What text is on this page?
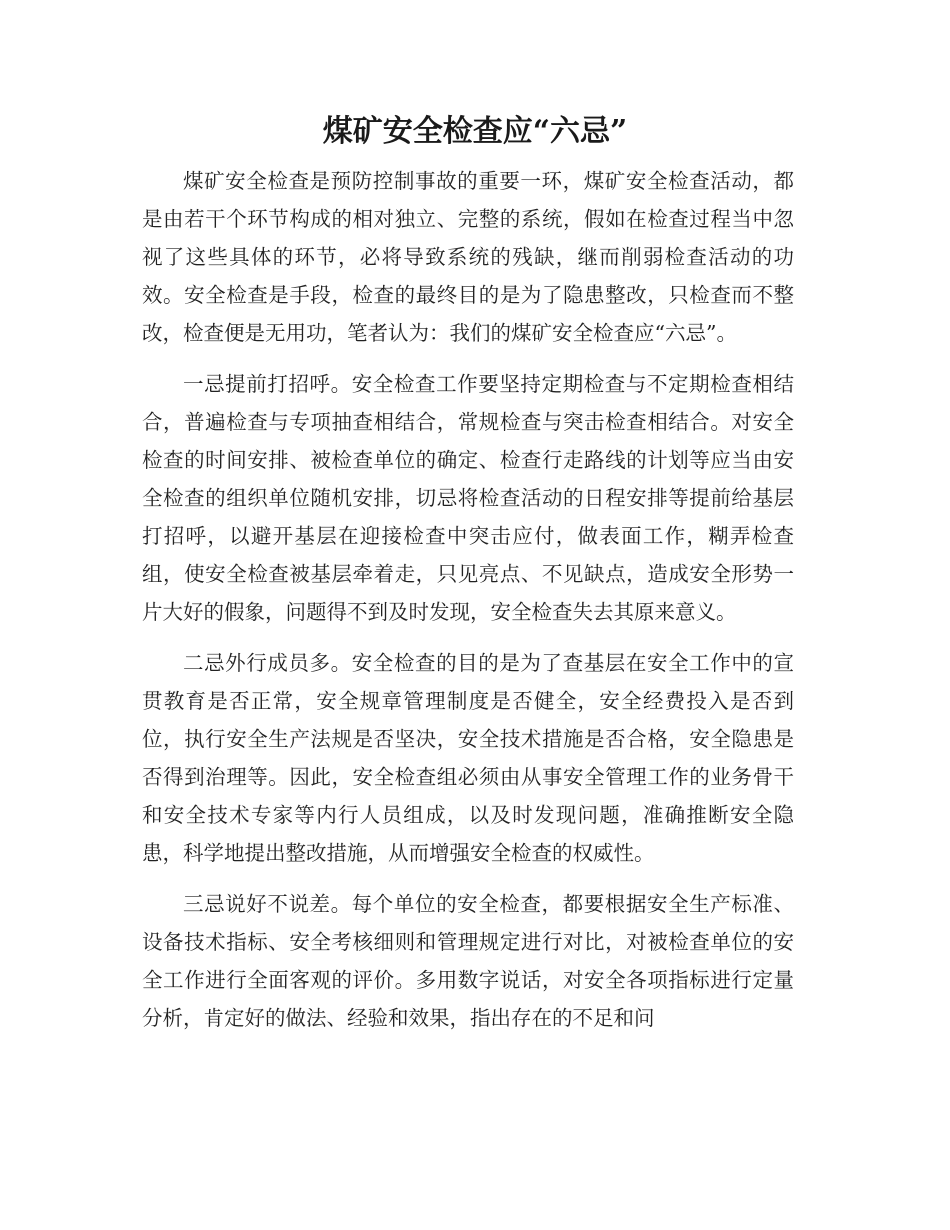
煤矿安全检查应“六忌”

煤矿安全检查是预防控制事故的重要一环，煤矿安全检查活动，都是由若干个环节构成的相对独立、完整的系统，假如在检查过程当中忽视了这些具体的环节，必将导致系统的残缺，继而削弱检查活动的功效。安全检查是手段，检查的最终目的是为了隐患整改，只检查而不整改，检查便是无用功，笔者认为：我们的煤矿安全检查应“六忌”。

一忌提前打招呼。安全检查工作要坚持定期检查与不定期检查相结合，普遍检查与专项抽查相结合，常规检查与突击检查相结合。对安全检查的时间安排、被检查单位的确定、检查行走路线的计划等应当由安全检查的组织单位随机安排，切忌将检查活动的日程安排等提前给基层打招呼，以避开基层在迎接检查中突击应付，做表面工作，糊弄检查组，使安全检查被基层牵着走，只见亮点、不见缺点，造成安全形势一片大好的假象，问题得不到及时发现，安全检查失去其原来意义。

二忌外行成员多。安全检查的目的是为了查基层在安全工作中的宣贯教育是否正常，安全规章管理制度是否健全，安全经费投入是否到位，执行安全生产法规是否坚决，安全技术措施是否合格，安全隐患是否得到治理等。因此，安全检查组必须由从事安全管理工作的业务骨干和安全技术专家等内行人员组成，以及时发现问题，准确推断安全隐患，科学地提出整改措施，从而增强安全检查的权威性。

三忌说好不说差。每个单位的安全检查，都要根据安全生产标准、设备技术指标、安全考核细则和管理规定进行对比，对被检查单位的安全工作进行全面客观的评价。多用数字说话，对安全各项指标进行定量分析，肯定好的做法、经验和效果，指出存在的不足和问
